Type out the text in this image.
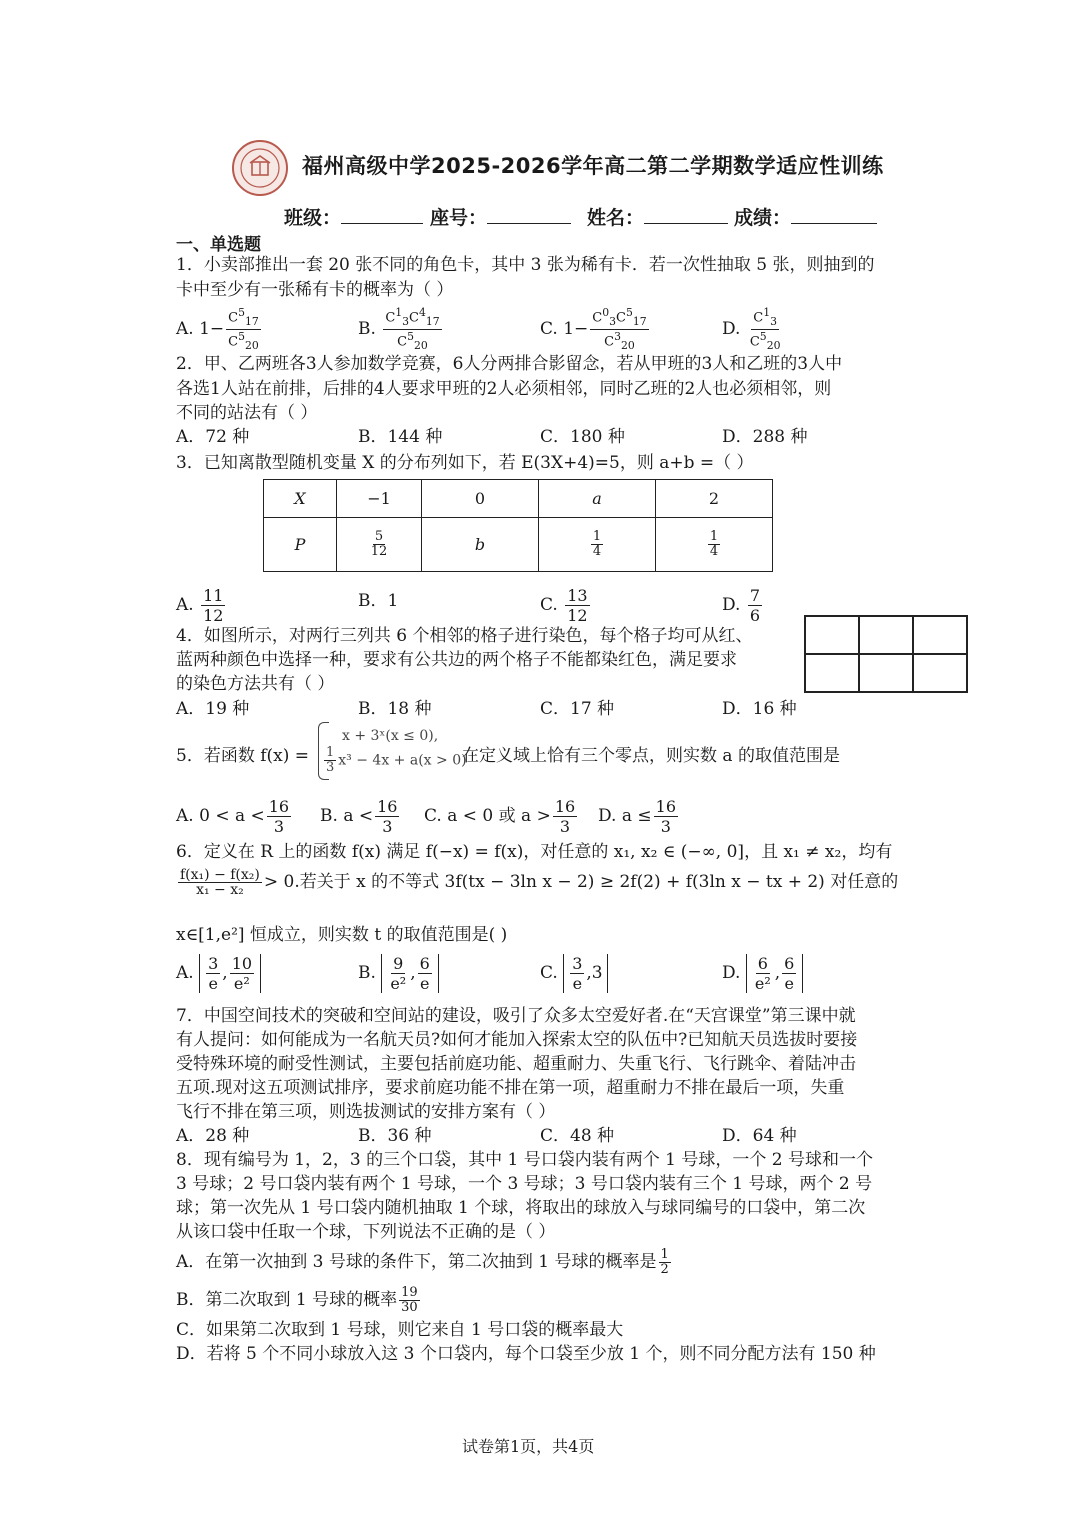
福州高级中学2025-2026学年高二第二学期数学适应性训练
班级：	座号：	姓名：	成绩：
一、单选题
1．小卖部推出一套 20 张不同的角色卡，其中 3 张为稀有卡．若一次性抽取 5 张，则抽到的
卡中至少有一张稀有卡的概率为（ ）
A. $1- \frac{C^5_{17}}{C^5_{20}}$	B. $\frac{C^1_3C^4_{17}}{C^5_{20}}$	C. $1- \frac{C^0_3C^5_{17}}{C^3_{20}}$	D. $\frac{C^1_3}{C^5_{20}}$
2．甲、乙两班各3人参加数学竞赛，6人分两排合影留念，若从甲班的3人和乙班的3人中
各选1人站在前排，后排的4人要求甲班的2人必须相邻，同时乙班的2人也必须相邻，则
不同的站法有（ ）
A．72 种	B．144 种	C．180 种	D．288 种
3．已知离散型随机变量 X 的分布列如下，若 E(3X+4)=5，则 a+b =（ ）
X	−1	0	a	2
P	$\frac{5}{12}$	b	$\frac{1}{4}$	$\frac{1}{4}$
A. $\frac{11}{12}$	B．1	C. $\frac{13}{12}$	D. $\frac{7}{6}$
4．如图所示，对两行三列共 6 个相邻的格子进行染色，每个格子均可从红、
蓝两种颜色中选择一种，要求有公共边的两个格子不能都染红色，满足要求
的染色方法共有（ ）

A．19 种	B．18 种	C．17 种	D．16 种
5．若函数 f(x) =
x + 3ˣ(x ≤ 0),
$\frac{1}{3} x^3 - 4x + a(x > 0)$
在定义域上恰有三个零点，则实数 a 的取值范围是
A. $0 < a < \frac{16}{3} B$. $a < \frac{16}{3} C$. a < 0 或 $a > \frac{16}{3} D$. $a \le \frac{16}{3}$
6．定义在 R 上的函数 f(x) 满足 f(−x) = f(x)，对任意的 x₁, x₂ ∈ (−∞, 0]，且 x₁ ≠ x₂，均有
$\frac{\text{f(x₁) − f(x₂)}}{\text{x₁ − x₂}} > 0$.若关于 x 的不等式 3f(tx − 3ln x − 2) ≥ 2f(2) + f(3ln x − tx + 2) 对任意的
x∈[1,e²] 恒成立，则实数 t 的取值范围是( )
A. $\frac{3}{e}$ , $\frac{10}{\text{e²}}$	B. $\frac{9}{\text{e²}}$ , $\frac{6}{e}$	C. $\frac{3}{e} ,3$	D. $\frac{6}{\text{e²}}$ , $\frac{6}{e}$
7．中国空间技术的突破和空间站的建设，吸引了众多太空爱好者.在“天宫课堂”第三课中就
有人提问：如何能成为一名航天员?如何才能加入探索太空的队伍中?已知航天员选拔时要接
受特殊环境的耐受性测试，主要包括前庭功能、超重耐力、失重飞行、飞行跳伞、着陆冲击
五项.现对这五项测试排序，要求前庭功能不排在第一项，超重耐力不排在最后一项，失重
飞行不排在第三项，则选拔测试的安排方案有（ ）
A．28 种	B．36 种	C．48 种	D．64 种
8．现有编号为 1，2，3 的三个口袋，其中 1 号口袋内装有两个 1 号球，一个 2 号球和一个
3 号球；2 号口袋内装有两个 1 号球，一个 3 号球；3 号口袋内装有三个 1 号球，两个 2 号
球；第一次先从 1 号口袋内随机抽取 1 个球，将取出的球放入与球同编号的口袋中，第二次
从该口袋中任取一个球，下列说法不正确的是（ ）
A．在第一次抽到 3 号球的条件下，第二次抽到 1 号球的概率是 $\frac{1}{2}$
B．第二次取到 1 号球的概率 $\frac{19}{30}$
C．如果第二次取到 1 号球，则它来自 1 号口袋的概率最大
D．若将 5 个不同小球放入这 3 个口袋内，每个口袋至少放 1 个，则不同分配方法有 150 种
试卷第1页，共4页
